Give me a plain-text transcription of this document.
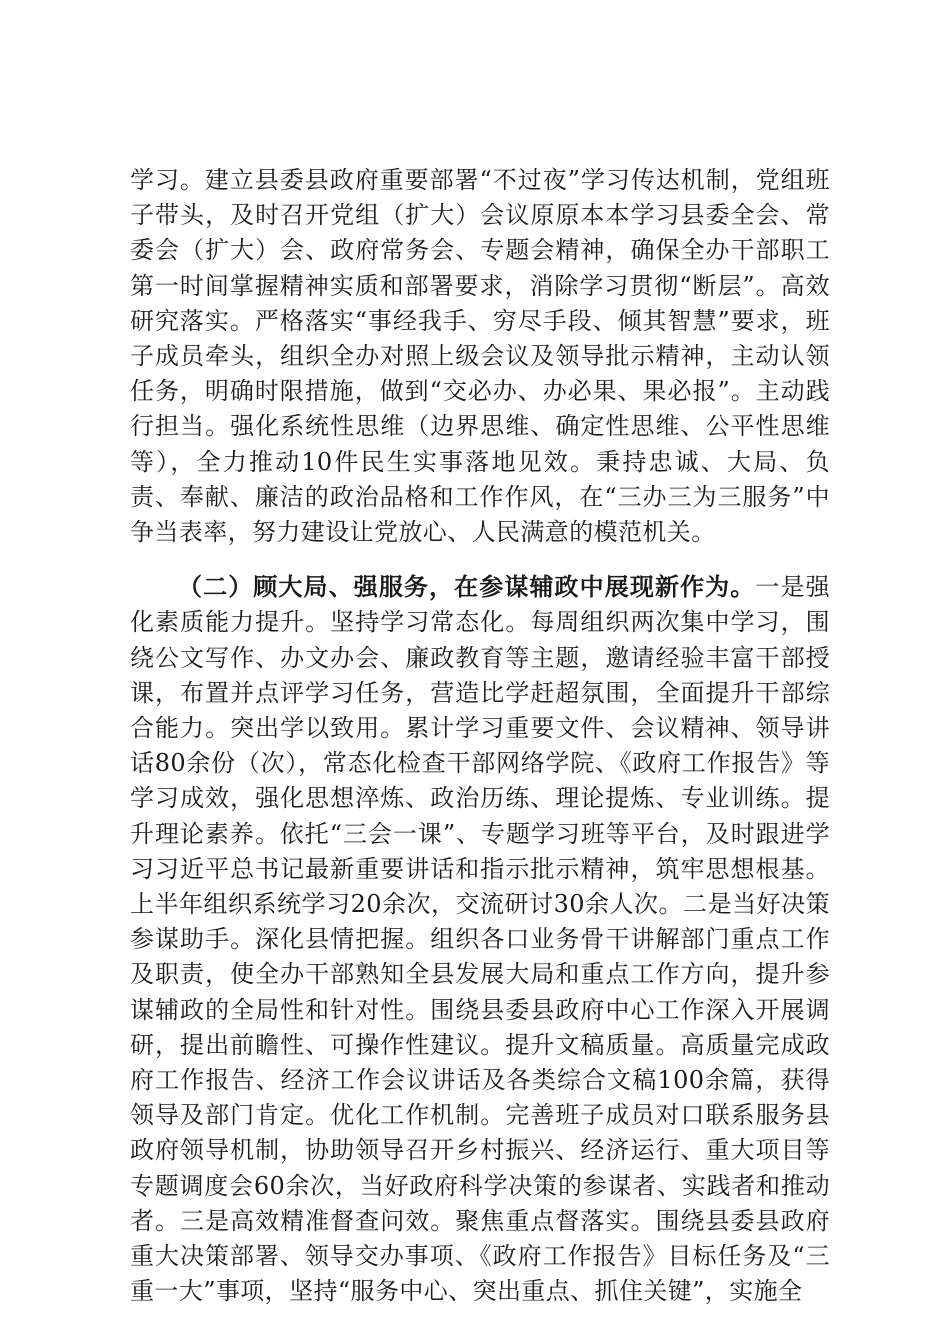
学习。建立县委县政府重要部署“不过夜”学习传达机制，党组班子带头，及时召开党组（扩大）会议原原本本学习县委全会、常委会（扩大）会、政府常务会、专题会精神，确保全办干部职工第一时间掌握精神实质和部署要求，消除学习贯彻“断层”。高效研究落实。严格落实“事经我手、穷尽手段、倾其智慧”要求，班子成员牵头，组织全办对照上级会议及领导批示精神，主动认领任务，明确时限措施，做到“交必办、办必果、果必报”。主动践行担当。强化系统性思维（边界思维、确定性思维、公平性思维等），全力推动10件民生实事落地见效。秉持忠诚、大局、负责、奉献、廉洁的政治品格和工作作风，在“三办三为三服务”中争当表率，努力建设让党放心、人民满意的模范机关。

（二）顾大局、强服务，在参谋辅政中展现新作为。一是强化素质能力提升。坚持学习常态化。每周组织两次集中学习，围绕公文写作、办文办会、廉政教育等主题，邀请经验丰富干部授课，布置并点评学习任务，营造比学赶超氛围，全面提升干部综合能力。突出学以致用。累计学习重要文件、会议精神、领导讲话80余份（次），常态化检查干部网络学院、《政府工作报告》等学习成效，强化思想淬炼、政治历练、理论提炼、专业训练。提升理论素养。依托“三会一课”、专题学习班等平台，及时跟进学习习近平总书记最新重要讲话和指示批示精神，筑牢思想根基。上半年组织系统学习20余次，交流研讨30余人次。二是当好决策参谋助手。深化县情把握。组织各口业务骨干讲解部门重点工作及职责，使全办干部熟知全县发展大局和重点工作方向，提升参谋辅政的全局性和针对性。围绕县委县政府中心工作深入开展调研，提出前瞻性、可操作性建议。提升文稿质量。高质量完成政府工作报告、经济工作会议讲话及各类综合文稿100余篇，获得领导及部门肯定。优化工作机制。完善班子成员对口联系服务县政府领导机制，协助领导召开乡村振兴、经济运行、重大项目等专题调度会60余次，当好政府科学决策的参谋者、实践者和推动者。三是高效精准督查问效。聚焦重点督落实。围绕县委县政府重大决策部署、领导交办事项、《政府工作报告》目标任务及“三重一大”事项，坚持“服务中心、突出重点、抓住关键”，实施全
